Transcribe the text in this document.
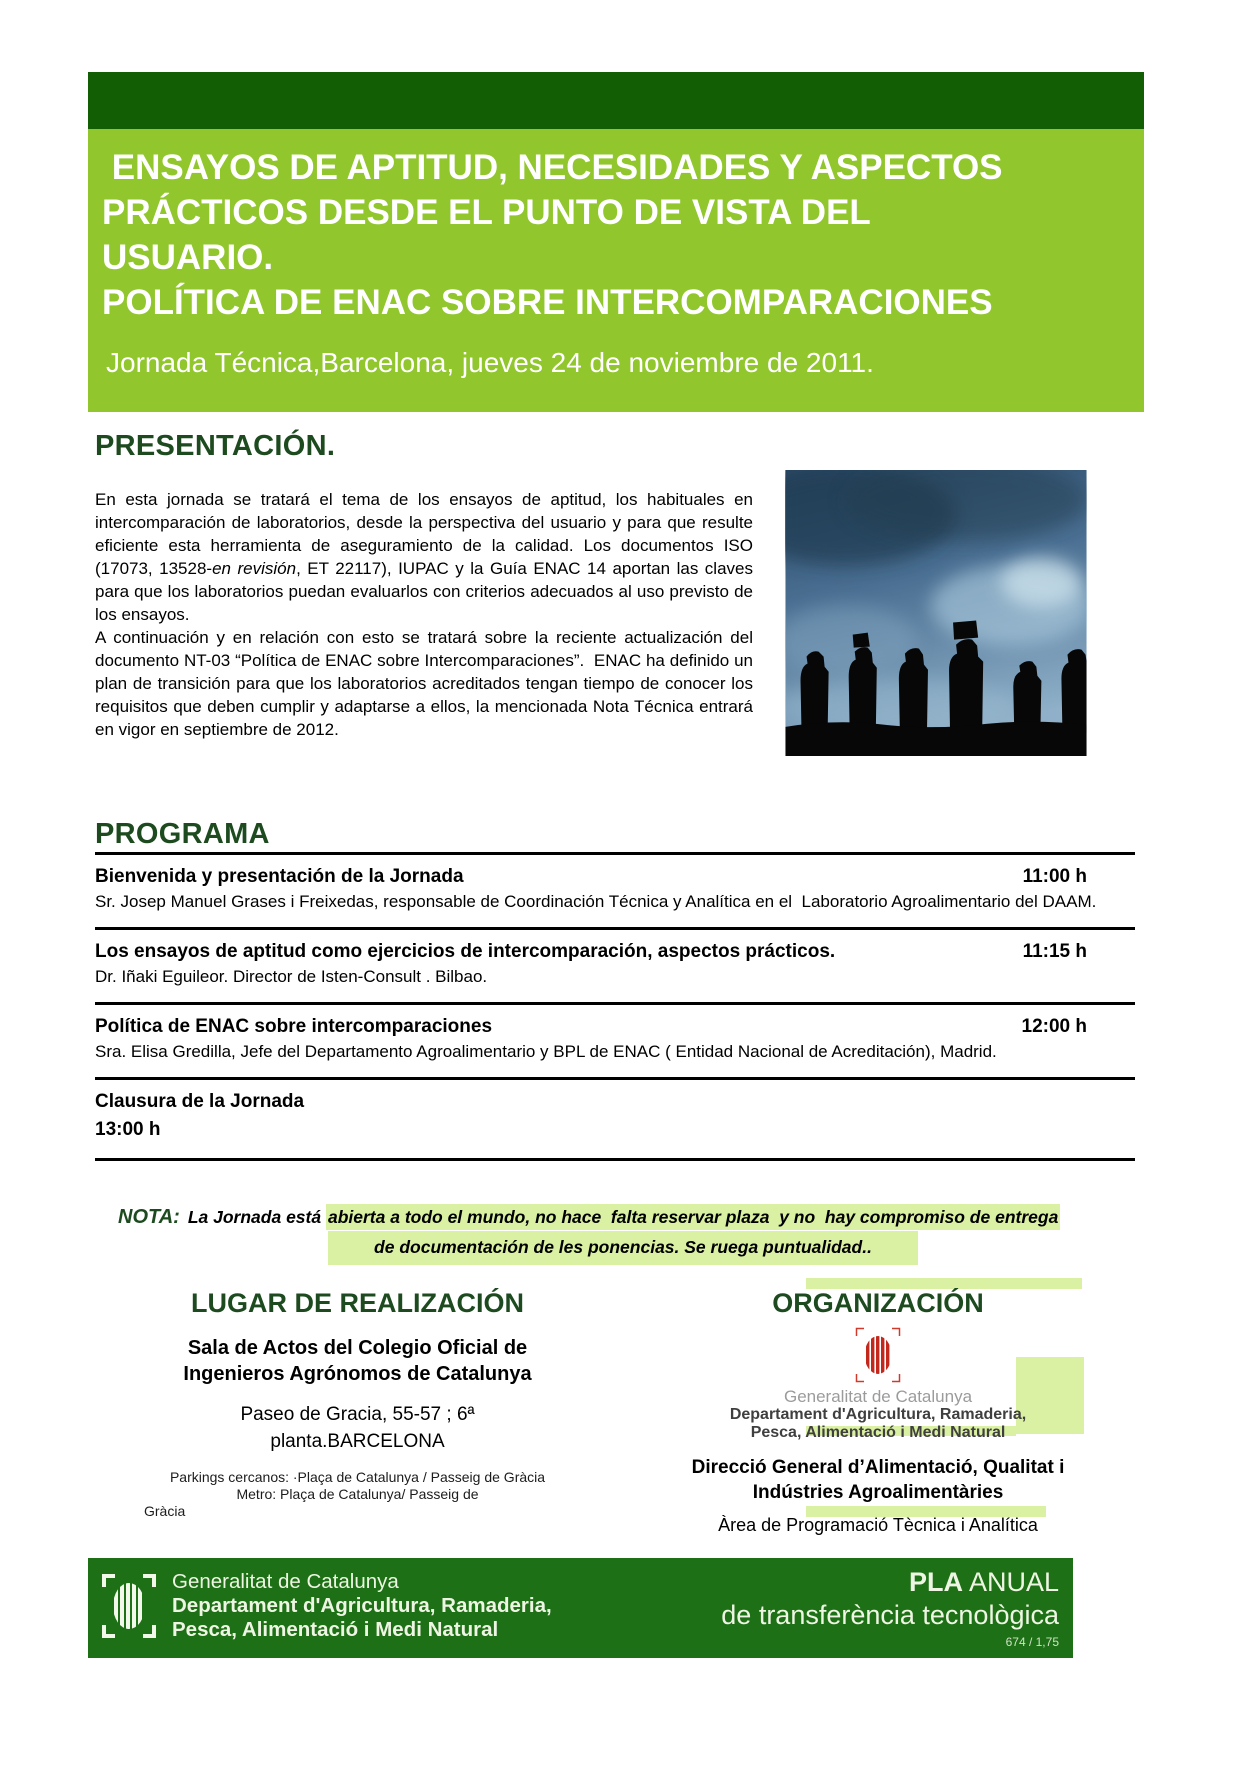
ENSAYOS DE APTITUD, NECESIDADES Y ASPECTOS
PRÁCTICOS DESDE EL PUNTO DE VISTA DEL
USUARIO.
POLÍTICA DE ENAC SOBRE INTERCOMPARACIONES
Jornada Técnica,Barcelona, jueves 24 de noviembre de 2011.
PRESENTACIÓN.

En esta jornada se tratará el tema de los ensayos de aptitud, los habituales en intercomparación de laboratorios, desde la perspectiva del usuario y para que resulte eficiente esta herramienta de aseguramiento de la calidad. Los documentos ISO (17073, 13528-en revisión, ET 22117), IUPAC y la Guía ENAC 14 aportan las claves para que los laboratorios puedan evaluarlos con criterios adecuados al uso previsto de los ensayos.

A continuación y en relación con esto se tratará sobre la reciente actualización del documento NT-03 “Política de ENAC sobre Intercomparaciones”.  ENAC ha definido un plan de transición para que los laboratorios acreditados tengan tiempo de conocer los requisitos que deben cumplir y adaptarse a ellos, la mencionada Nota Técnica entrará en vigor en septiembre de 2012.

PROGRAMA
Bienvenida y presentación de la Jornada	11:00 h
Sr. Josep Manuel Grases i Freixedas, responsable de Coordinación Técnica y Analítica en el  Laboratorio Agroalimentario del DAAM.
Los ensayos de aptitud como ejercicios de intercomparación, aspectos prácticos.	11:15 h
Dr. Iñaki Eguileor. Director de Isten-Consult . Bilbao.
Política de ENAC sobre intercomparaciones	12:00 h
Sra. Elisa Gredilla, Jefe del Departamento Agroalimentario y BPL de ENAC ( Entidad Nacional de Acreditación), Madrid.
Clausura de la Jornada
13:00 h
NOTA: La Jornada está abierta a todo el mundo, no hace  falta reservar plaza  y no  hay compromiso de entrega
de documentación de les ponencias. Se ruega puntualidad..
LUGAR DE REALIZACIÓN
Sala de Actos del Colegio Oficial de
Ingenieros Agrónomos de Catalunya
Paseo de Gracia, 55-57 ; 6ª
planta.BARCELONA
Parkings cercanos: ·Plaça de Catalunya / Passeig de Gràcia
Metro: Plaça de Catalunya/ Passeig de
Gràcia
ORGANIZACIÓN
Generalitat de Catalunya
Departament d'Agricultura, Ramaderia,
Pesca, Alimentació i Medi Natural
Direcció General d’Alimentació, Qualitat i
Indústries Agroalimentàries
Àrea de Programació Tècnica i Analítica
Generalitat de Catalunya
Departament d'Agricultura, Ramaderia,
Pesca, Alimentació i Medi Natural
PLA ANUAL
de transferència tecnològica
674 / 1,75
